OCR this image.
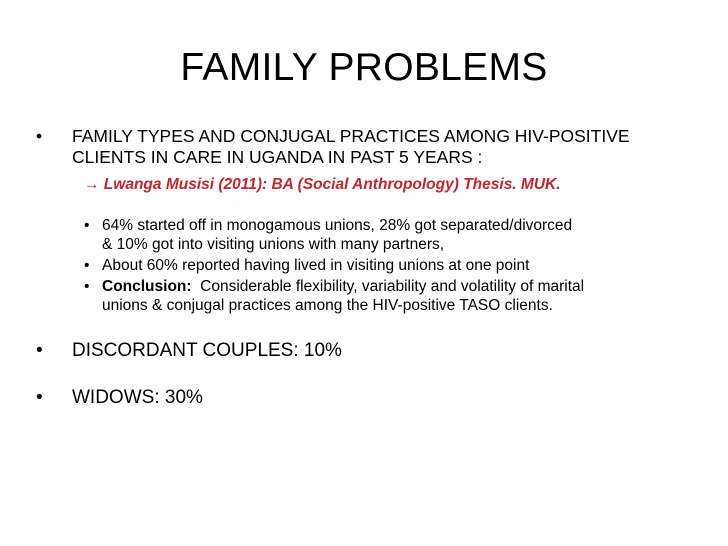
FAMILY PROBLEMS
• FAMILY TYPES AND CONJUGAL PRACTICES AMONG HIV-POSITIVE
CLIENTS IN CARE IN UGANDA IN PAST 5 YEARS :
→ Lwanga Musisi (2011): BA (Social Anthropology) Thesis. MUK.
• 64% started off in monogamous unions, 28% got separated/divorced
& 10% got into visiting unions with many partners,
• About 60% reported having lived in visiting unions at one point
• Conclusion:  Considerable flexibility, variability and volatility of marital
unions & conjugal practices among the HIV-positive TASO clients.
• DISCORDANT COUPLES: 10%
• WIDOWS: 30%
